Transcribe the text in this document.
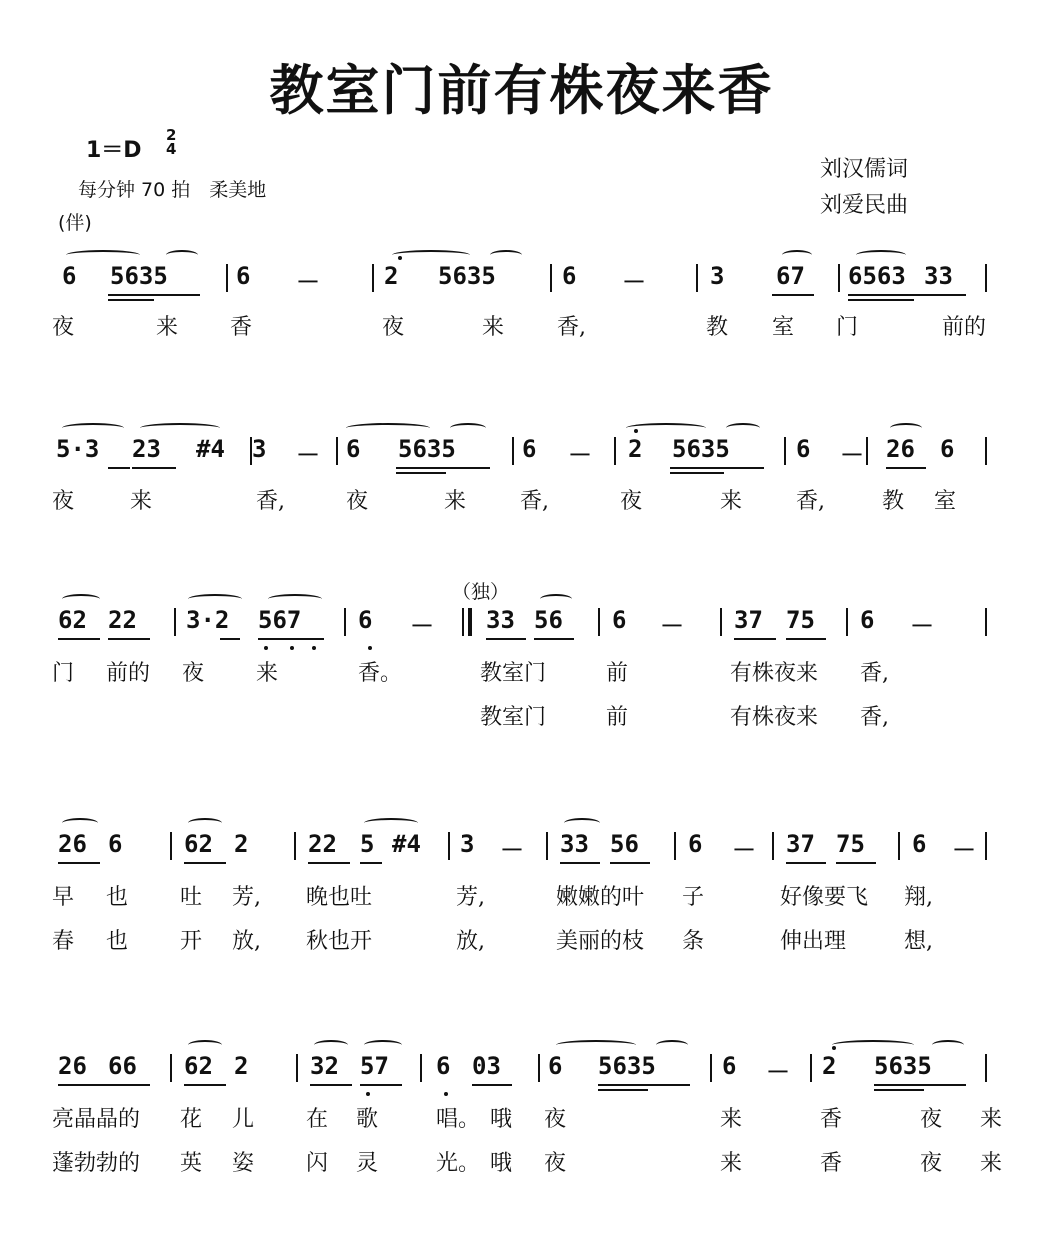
教室门前有株夜来香
1＝D
2
4
每分钟 70 拍　柔美地
(伴)
（独）
刘汉儒词
刘爱民曲
6 5635	6 －	2 5635	6 －	3 67 6563 33
夜	来 香	夜	来 香,	教 室 门	前的
5·3 23 #4 3 － 6 5635	6 － 2 5635	6 － 26 6
夜	来	香,	夜	来 香,	夜	来 香,	教 室
62 22 3·2 567 6 － 33 56 6 － 37 75 6 －
门 前的 夜 来	香。	教室门	前	有株夜来 香,
教室门	前	有株夜来 香,
26 6	62 2 22 5 #4 3 － 33 56 6 － 37 75 6 －
早 也 吐 芳, 晚也吐	芳,	嫩嫩的叶 子	好像要飞 翔,
春 也 开 放, 秋也开	放,	美丽的枝 条	伸出理	想,
26 66 62 2	32 57 6 03 6 5635	6 － 2 5635
亮晶晶的 花 儿 在 歌	唱。 哦 夜	来	香	夜 来
蓬勃勃的 英 姿 闪 灵	光。 哦 夜	来	香	夜 来
